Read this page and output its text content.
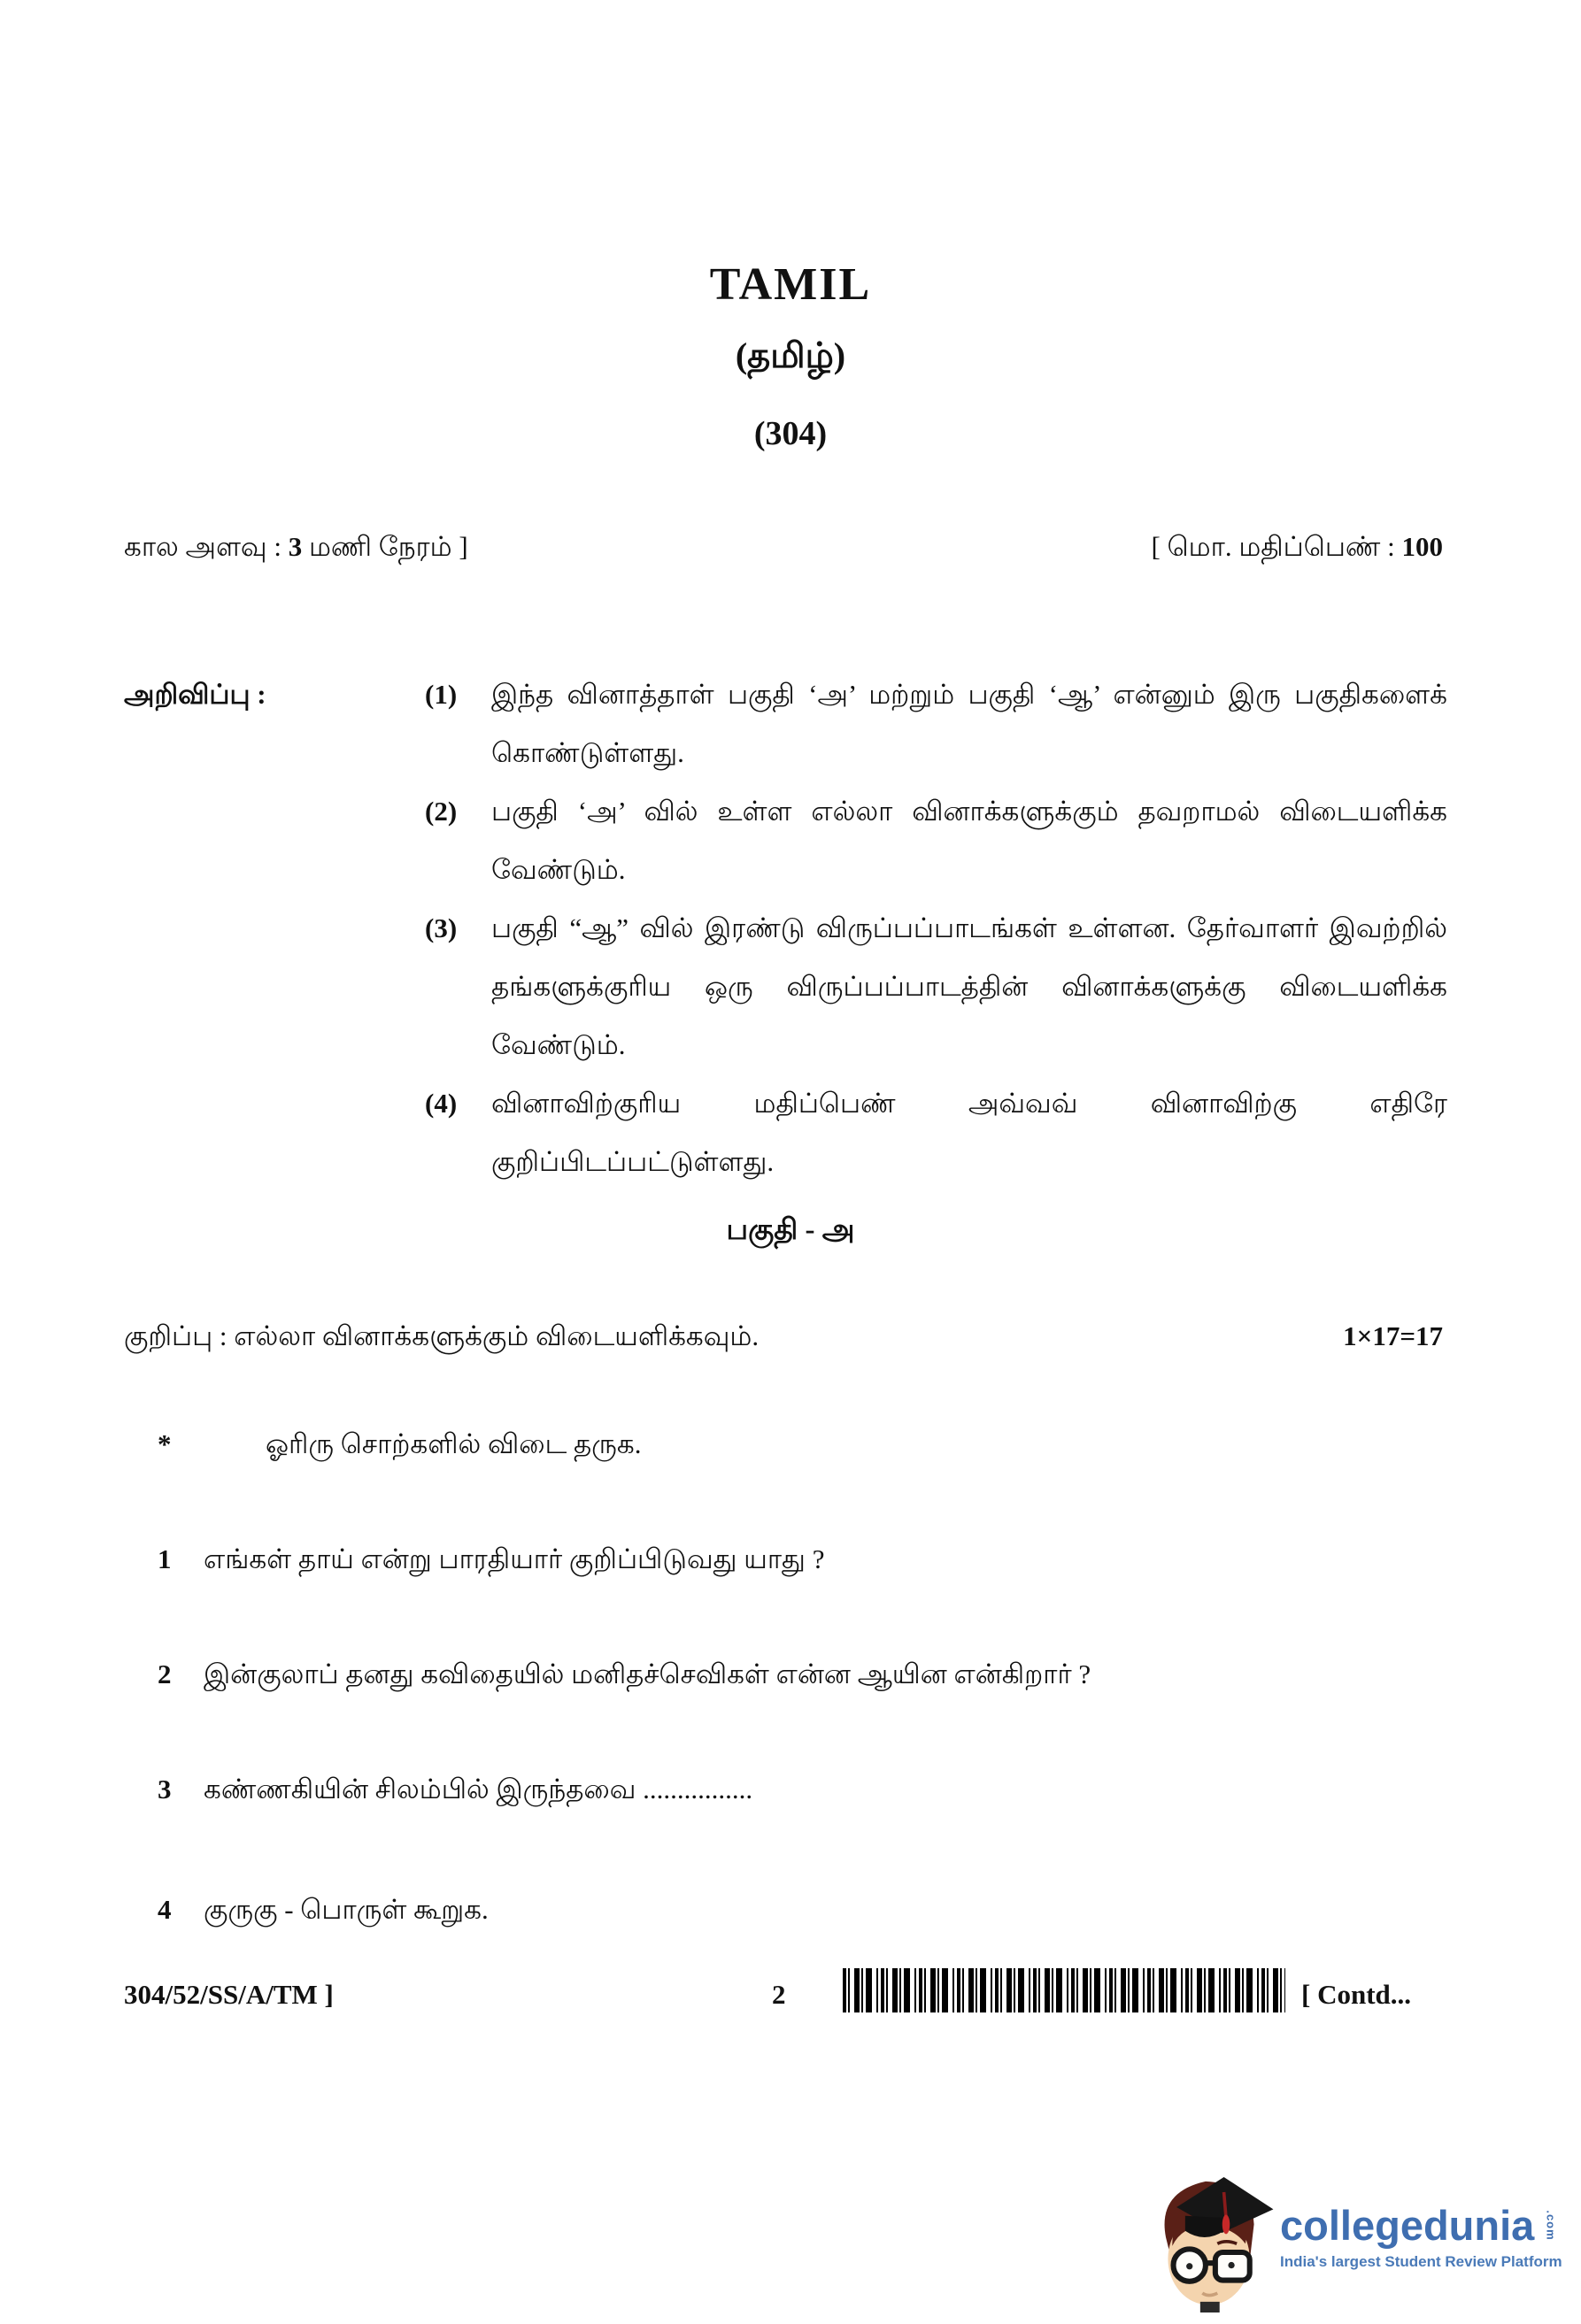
TAMIL
(தமிழ்)
(304)
கால அளவு : 3 மணி நேரம் ]	[ மொ. மதிப்பெண் : 100
அறிவிப்பு :	(1)	இந்த வினாத்தாள் பகுதி ‘அ’ மற்றும் பகுதி ‘ஆ’ என்னும் இரு பகுதிகளைக் கொண்டுள்ளது.
(2)	பகுதி ‘அ’ வில் உள்ள எல்லா வினாக்களுக்கும் தவறாமல் விடையளிக்க வேண்டும்.
(3)	பகுதி “ஆ” வில் இரண்டு விருப்பப்பாடங்கள் உள்ளன. தேர்வாளர் இவற்றில் தங்களுக்குரிய ஒரு விருப்பப்பாடத்தின் வினாக்களுக்கு விடையளிக்க வேண்டும்.
(4)	வினாவிற்குரிய மதிப்பெண் அவ்வவ் வினாவிற்கு எதிரே குறிப்பிடப்பட்டுள்ளது.
பகுதி - அ
குறிப்பு : எல்லா வினாக்களுக்கும் விடையளிக்கவும்.	1×17=17
*	ஓரிரு சொற்களில் விடை தருக.
1	எங்கள் தாய் என்று பாரதியார் குறிப்பிடுவது யாது ?
2	இன்குலாப் தனது கவிதையில் மனிதச்செவிகள் என்ன ஆயின என்கிறார் ?
3	கண்ணகியின் சிலம்பில் இருந்தவை ................
4	குருகு - பொருள் கூறுக.
304/52/SS/A/TM ]	2	[ Contd...
collegedunia .com
India's largest Student Review Platform
